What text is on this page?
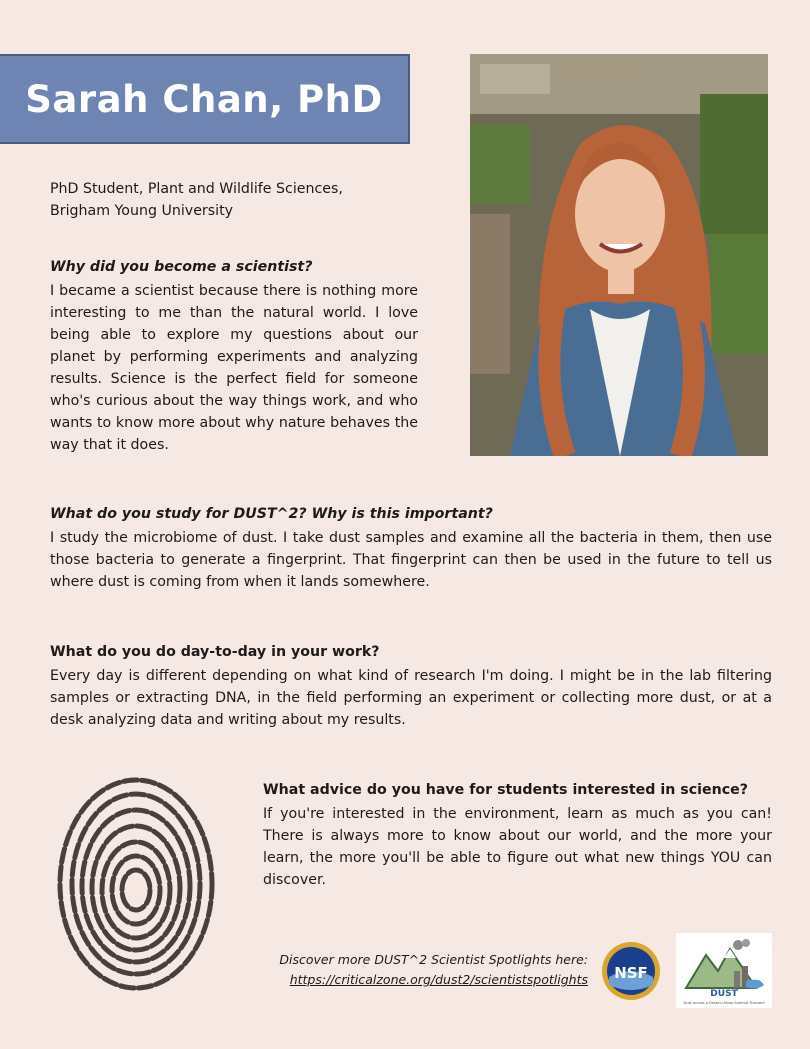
Sarah Chan, PhD
PhD Student, Plant and Wildlife Sciences,
Brigham Young University
Why did you become a scientist?
I became a scientist because there is nothing more interesting to me than the natural world. I love being able to explore my questions about our planet by performing experiments and analyzing results. Science is the perfect field for someone who's curious about the way things work, and who wants to know more about why nature behaves the way that it does.
What do you study for DUST^2? Why is this important?
I study the microbiome of dust. I take dust samples and examine all the bacteria in them, then use those bacteria to generate a fingerprint. That fingerprint can then be used in the future to tell us where dust is coming from when it lands somewhere.
What do you do day-to-day in your work?
Every day is different depending on what kind of research I'm doing. I might be in the lab filtering samples or extracting DNA, in the field performing an experiment or collecting more dust, or at a desk analyzing data and writing about my results.
What advice do you have for students interested in science?
If you're interested in the environment, learn as much as you can! There is always more to know about our world, and the more your learn, the more you'll be able to figure out what new things YOU can discover.
Discover more DUST^2 Scientist Spotlights here:
https://criticalzone.org/dust2/scientistspotlights NSF
DUST
2
Dust across a Desert-Urban-Summit Transect
